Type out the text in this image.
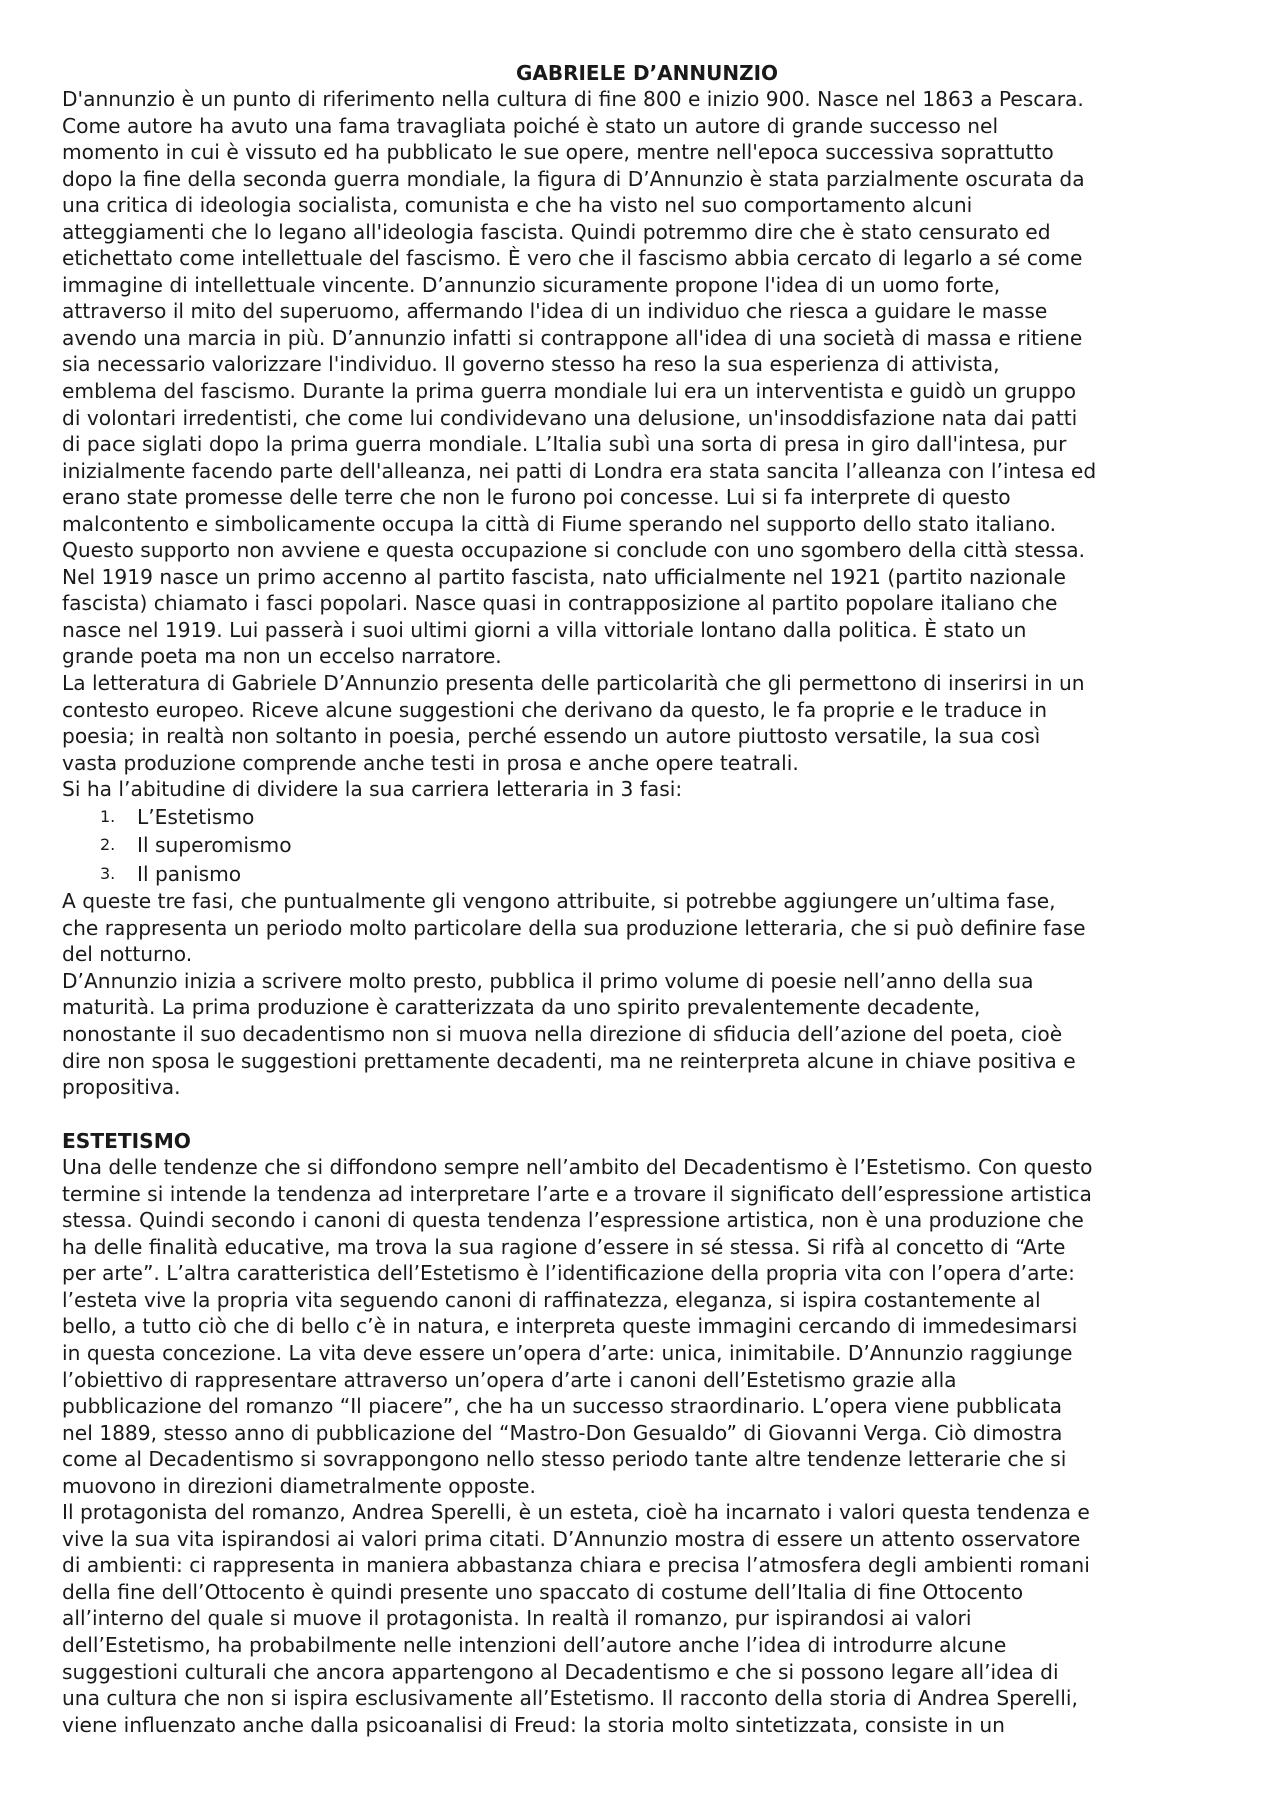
GABRIELE D’ANNUNZIO

D'annunzio è un punto di riferimento nella cultura di fine 800 e inizio 900. Nasce nel 1863 a Pescara.

Come autore ha avuto una fama travagliata poiché è stato un autore di grande successo nel

momento in cui è vissuto ed ha pubblicato le sue opere, mentre nell'epoca successiva soprattutto

dopo la fine della seconda guerra mondiale, la figura di D’Annunzio è stata parzialmente oscurata da

una critica di ideologia socialista, comunista e che ha visto nel suo comportamento alcuni

atteggiamenti che lo legano all'ideologia fascista. Quindi potremmo dire che è stato censurato ed

etichettato come intellettuale del fascismo. È vero che il fascismo abbia cercato di legarlo a sé come

immagine di intellettuale vincente. D’annunzio sicuramente propone l'idea di un uomo forte,

attraverso il mito del superuomo, affermando l'idea di un individuo che riesca a guidare le masse

avendo una marcia in più. D’annunzio infatti si contrappone all'idea di una società di massa e ritiene

sia necessario valorizzare l'individuo. Il governo stesso ha reso la sua esperienza di attivista,

emblema del fascismo. Durante la prima guerra mondiale lui era un interventista e guidò un gruppo

di volontari irredentisti, che come lui condividevano una delusione, un'insoddisfazione nata dai patti

di pace siglati dopo la prima guerra mondiale. L’Italia subì una sorta di presa in giro dall'intesa, pur

inizialmente facendo parte dell'alleanza, nei patti di Londra era stata sancita l’alleanza con l’intesa ed

erano state promesse delle terre che non le furono poi concesse. Lui si fa interprete di questo

malcontento e simbolicamente occupa la città di Fiume sperando nel supporto dello stato italiano.

Questo supporto non avviene e questa occupazione si conclude con uno sgombero della città stessa.

Nel 1919 nasce un primo accenno al partito fascista, nato ufficialmente nel 1921 (partito nazionale

fascista) chiamato i fasci popolari. Nasce quasi in contrapposizione al partito popolare italiano che

nasce nel 1919. Lui passerà i suoi ultimi giorni a villa vittoriale lontano dalla politica. È stato un

grande poeta ma non un eccelso narratore.

La letteratura di Gabriele D’Annunzio presenta delle particolarità che gli permettono di inserirsi in un

contesto europeo. Riceve alcune suggestioni che derivano da questo, le fa proprie e le traduce in

poesia; in realtà non soltanto in poesia, perché essendo un autore piuttosto versatile, la sua così

vasta produzione comprende anche testi in prosa e anche opere teatrali.

Si ha l’abitudine di dividere la sua carriera letteraria in 3 fasi:

1.	L’Estetismo
2.	Il superomismo
3.	Il panismo

A queste tre fasi, che puntualmente gli vengono attribuite, si potrebbe aggiungere un’ultima fase,

che rappresenta un periodo molto particolare della sua produzione letteraria, che si può definire fase

del notturno.

D’Annunzio inizia a scrivere molto presto, pubblica il primo volume di poesie nell’anno della sua

maturità. La prima produzione è caratterizzata da uno spirito prevalentemente decadente,

nonostante il suo decadentismo non si muova nella direzione di sfiducia dell’azione del poeta, cioè

dire non sposa le suggestioni prettamente decadenti, ma ne reinterpreta alcune in chiave positiva e

propositiva.

ESTETISMO

Una delle tendenze che si diffondono sempre nell’ambito del Decadentismo è l’Estetismo. Con questo

termine si intende la tendenza ad interpretare l’arte e a trovare il significato dell’espressione artistica

stessa. Quindi secondo i canoni di questa tendenza l’espressione artistica, non è una produzione che

ha delle finalità educative, ma trova la sua ragione d’essere in sé stessa. Si rifà al concetto di “Arte

per arte”. L’altra caratteristica dell’Estetismo è l’identificazione della propria vita con l’opera d’arte:

l’esteta vive la propria vita seguendo canoni di raffinatezza, eleganza, si ispira costantemente al

bello, a tutto ciò che di bello c’è in natura, e interpreta queste immagini cercando di immedesimarsi

in questa concezione. La vita deve essere un’opera d’arte: unica, inimitabile. D’Annunzio raggiunge

l’obiettivo di rappresentare attraverso un’opera d’arte i canoni dell’Estetismo grazie alla

pubblicazione del romanzo “Il piacere”, che ha un successo straordinario. L’opera viene pubblicata

nel 1889, stesso anno di pubblicazione del “Mastro-Don Gesualdo” di Giovanni Verga. Ciò dimostra

come al Decadentismo si sovrappongono nello stesso periodo tante altre tendenze letterarie che si

muovono in direzioni diametralmente opposte.

Il protagonista del romanzo, Andrea Sperelli, è un esteta, cioè ha incarnato i valori questa tendenza e

vive la sua vita ispirandosi ai valori prima citati. D’Annunzio mostra di essere un attento osservatore

di ambienti: ci rappresenta in maniera abbastanza chiara e precisa l’atmosfera degli ambienti romani

della fine dell’Ottocento è quindi presente uno spaccato di costume dell’Italia di fine Ottocento

all’interno del quale si muove il protagonista. In realtà il romanzo, pur ispirandosi ai valori

dell’Estetismo, ha probabilmente nelle intenzioni dell’autore anche l’idea di introdurre alcune

suggestioni culturali che ancora appartengono al Decadentismo e che si possono legare all’idea di

una cultura che non si ispira esclusivamente all’Estetismo. Il racconto della storia di Andrea Sperelli,

viene influenzato anche dalla psicoanalisi di Freud: la storia molto sintetizzata, consiste in un
